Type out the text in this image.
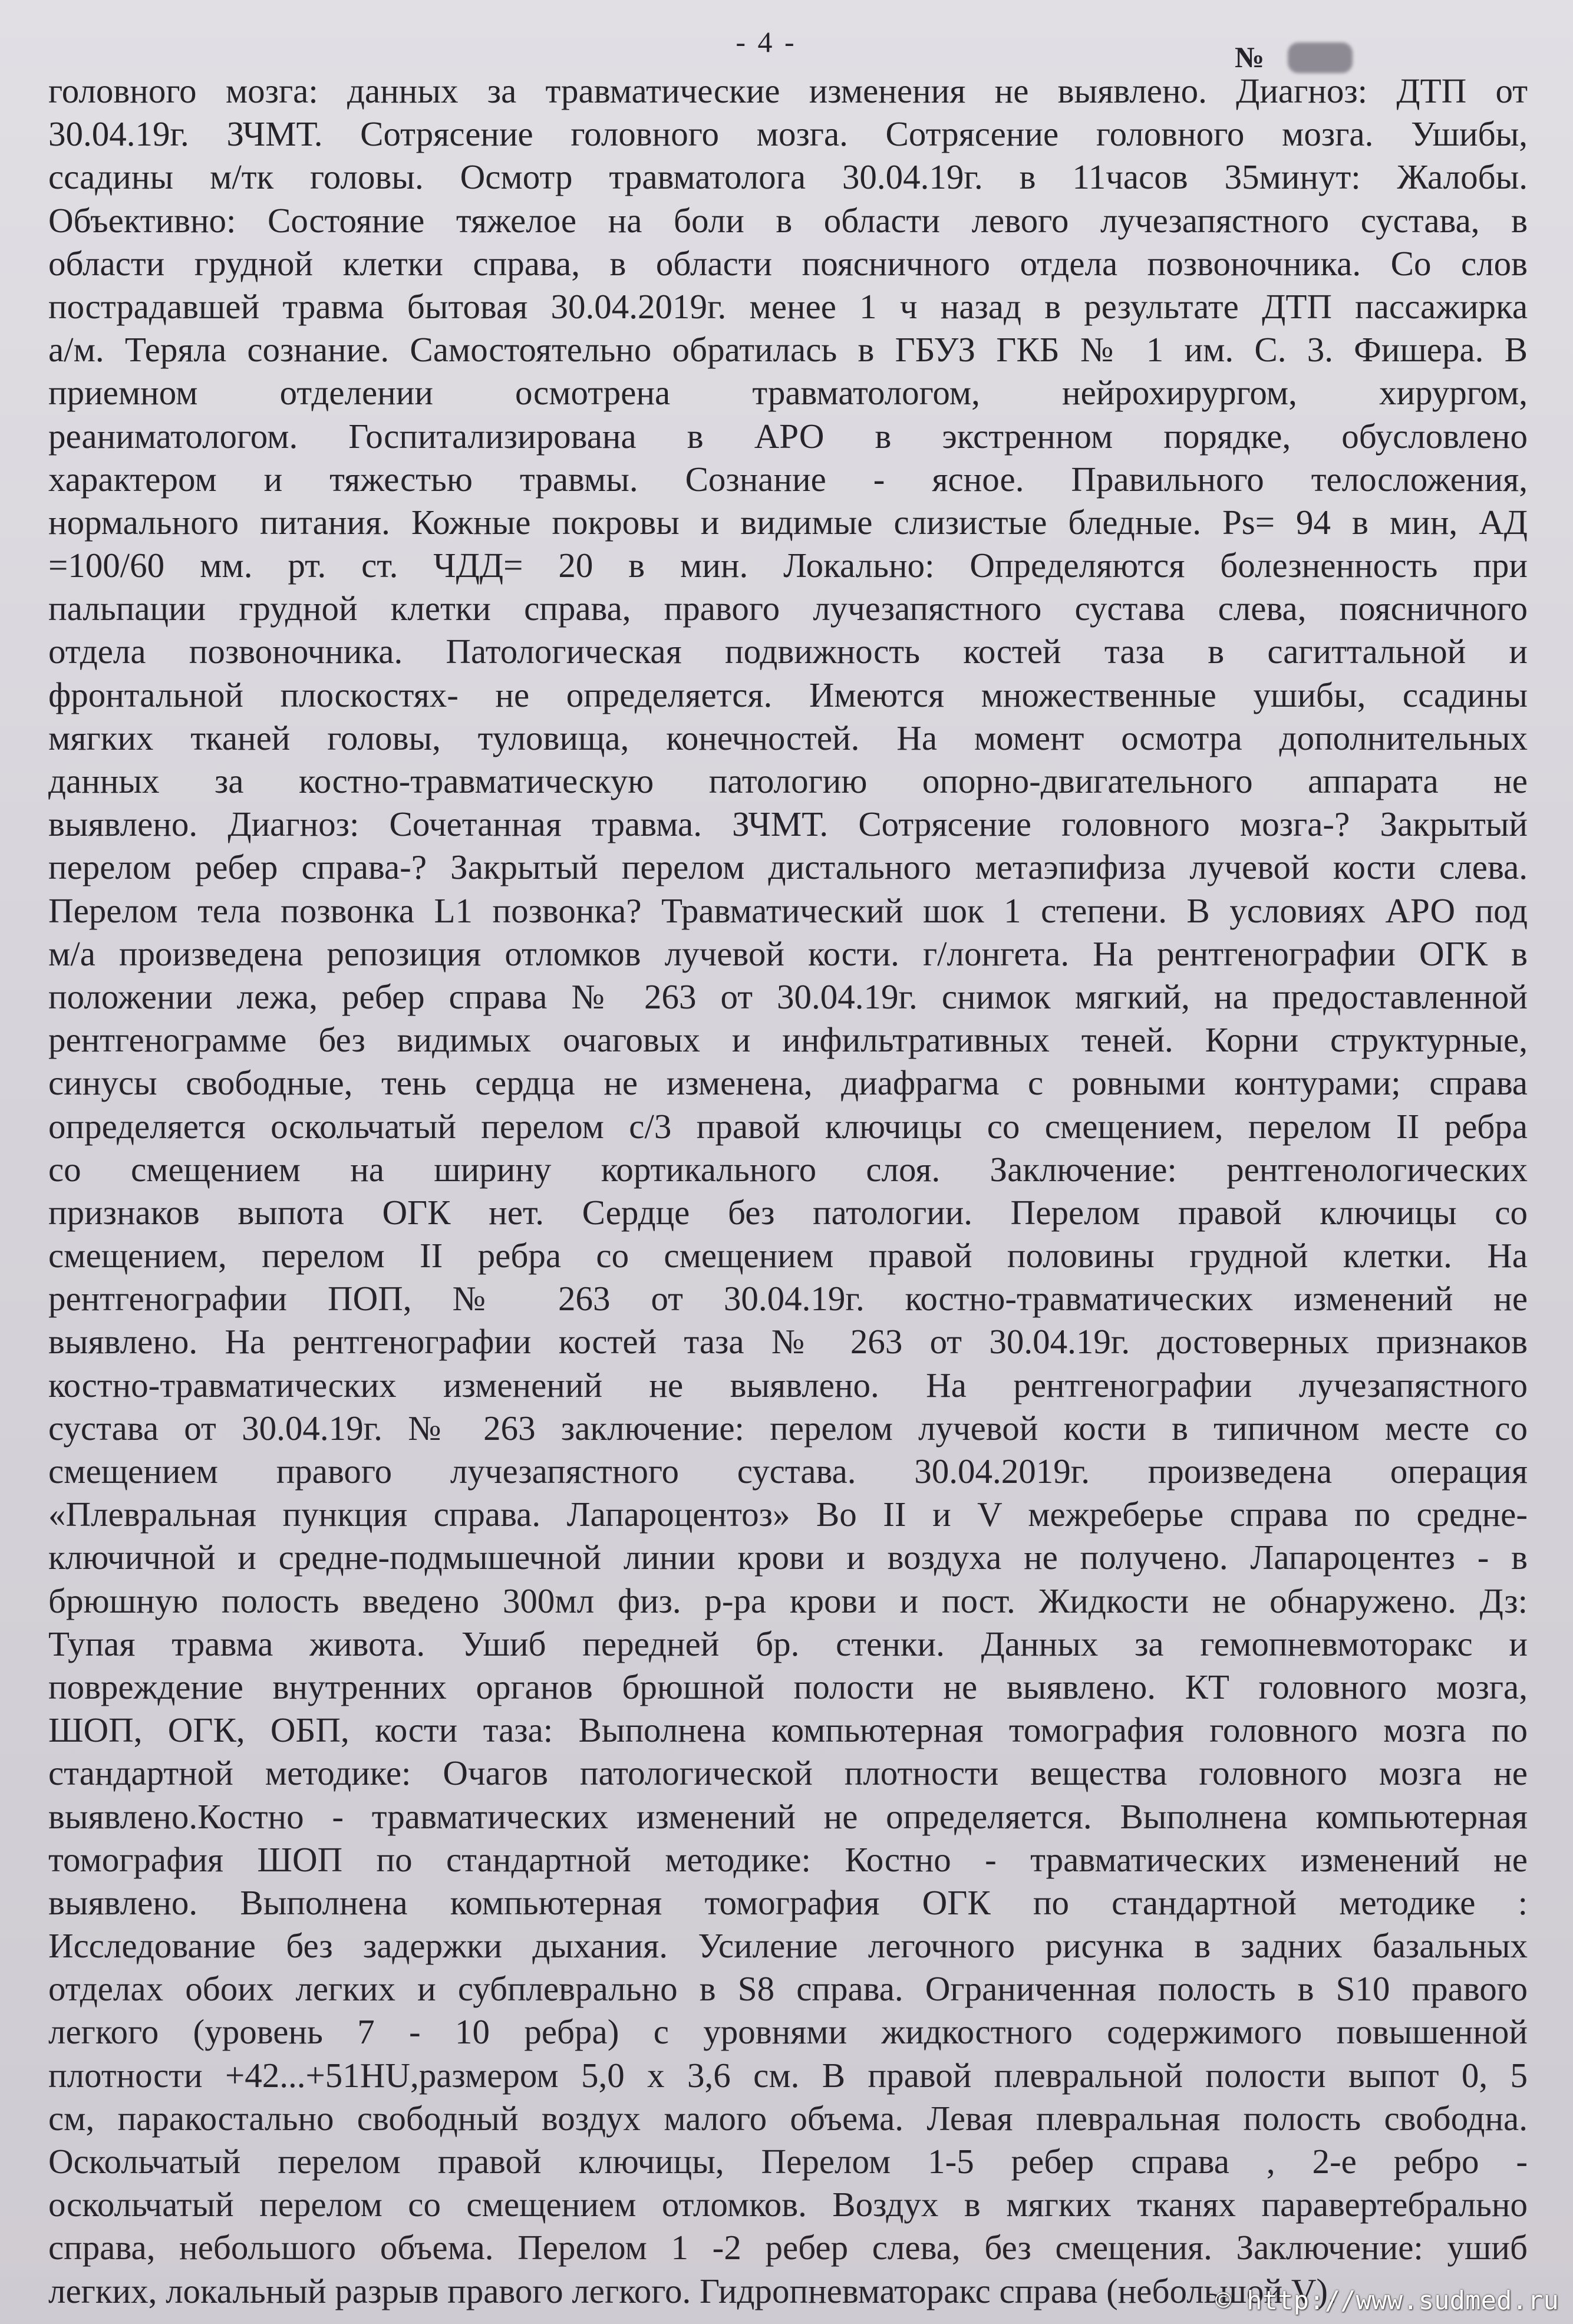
- 4 -	№
головного мозга: данных за травматические изменения не выявлено. Диагноз: ДТП от
30.04.19г. ЗЧМТ. Сотрясение головного мозга. Сотрясение головного мозга. Ушибы,
ссадины м/тк головы. Осмотр травматолога 30.04.19г. в 11часов 35минут: Жалобы.
Объективно: Состояние тяжелое на боли в области левого лучезапястного сустава, в
области грудной клетки справа, в области поясничного отдела позвоночника. Со слов
пострадавшей травма бытовая 30.04.2019г. менее 1 ч назад в результате ДТП пассажирка
а/м. Теряла сознание. Самостоятельно обратилась в ГБУЗ ГКБ № 1 им. С. 3. Фишера. В
приемном отделении осмотрена травматологом, нейрохирургом, хирургом,
реаниматологом. Госпитализирована в АРО в экстренном порядке, обусловлено
характером и тяжестью травмы. Сознание - ясное. Правильного телосложения,
нормального питания. Кожные покровы и видимые слизистые бледные. Ps= 94 в мин, АД
=100/60 мм. рт. ст. ЧДД= 20 в мин. Локально: Определяются болезненность при
пальпации грудной клетки справа, правого лучезапястного сустава слева, поясничного
отдела позвоночника. Патологическая подвижность костей таза в сагиттальной и
фронтальной плоскостях- не определяется. Имеются множественные ушибы, ссадины
мягких тканей головы, туловища, конечностей. На момент осмотра дополнительных
данных за костно-травматическую патологию опорно-двигательного аппарата не
выявлено. Диагноз: Сочетанная травма. ЗЧМТ. Сотрясение головного мозга-? Закрытый
перелом ребер справа-? Закрытый перелом дистального метаэпифиза лучевой кости слева.
Перелом тела позвонка L1 позвонка? Травматический шок 1 степени. В условиях АРО под
м/а произведена репозиция отломков лучевой кости. г/лонгета. На рентгенографии ОГК в
положении лежа, ребер справа № 263 от 30.04.19г. снимок мягкий, на предоставленной
рентгенограмме без видимых очаговых и инфильтративных теней. Корни структурные,
синусы свободные, тень сердца не изменена, диафрагма с ровными контурами; справа
определяется оскольчатый перелом с/3 правой ключицы со смещением, перелом II ребра
со смещением на ширину кортикального слоя. Заключение: рентгенологических
признаков выпота ОГК нет. Сердце без патологии. Перелом правой ключицы со
смещением, перелом II ребра со смещением правой половины грудной клетки. На
рентгенографии ПОП, № 263 от 30.04.19г. костно-травматических изменений не
выявлено. На рентгенографии костей таза № 263 от 30.04.19г. достоверных признаков
костно-травматических изменений не выявлено. На рентгенографии лучезапястного
сустава от 30.04.19г. № 263 заключение: перелом лучевой кости в типичном месте со
смещением правого лучезапястного сустава. 30.04.2019г. произведена операция
«Плевральная пункция справа. Лапароцентоз» Во II и V межреберье справа по средне-
ключичной и средне-подмышечной линии крови и воздуха не получено. Лапароцентез - в
брюшную полость введено 300мл физ. р-ра крови и пост. Жидкости не обнаружено. Дз:
Тупая травма живота. Ушиб передней бр. стенки. Данных за гемопневмоторакс и
повреждение внутренних органов брюшной полости не выявлено. КТ головного мозга,
ШОП, ОГК, ОБП, кости таза: Выполнена компьютерная томография головного мозга по
стандартной методике: Очагов патологической плотности вещества головного мозга не
выявлено.Костно - травматических изменений не определяется. Выполнена компьютерная
томография ШОП по стандартной методике: Костно - травматических изменений не
выявлено. Выполнена компьютерная томография ОГК по стандартной методике :
Исследование без задержки дыхания. Усиление легочного рисунка в задних базальных
отделах обоих легких и субплеврально в S8 справа. Ограниченная полость в S10 правого
легкого (уровень 7 - 10 ребра) с уровнями жидкостного содержимого повышенной
плотности +42...+51HU,размером 5,0 х 3,6 см. В правой плевральной полости выпот 0, 5
см, паракостально свободный воздух малого объема. Левая плевральная полость свободна.
Оскольчатый перелом правой ключицы, Перелом 1-5 ребер справа , 2-е ребро -
оскольчатый перелом со смещением отломков. Воздух в мягких тканях паравертебрально
справа, небольшого объема. Перелом 1 -2 ребер слева, без смещения. Заключение: ушиб
легких, локальный разрыв правого легкого. Гидропневматоракс справа (небольшой V).
© http://www.sudmed.ru
